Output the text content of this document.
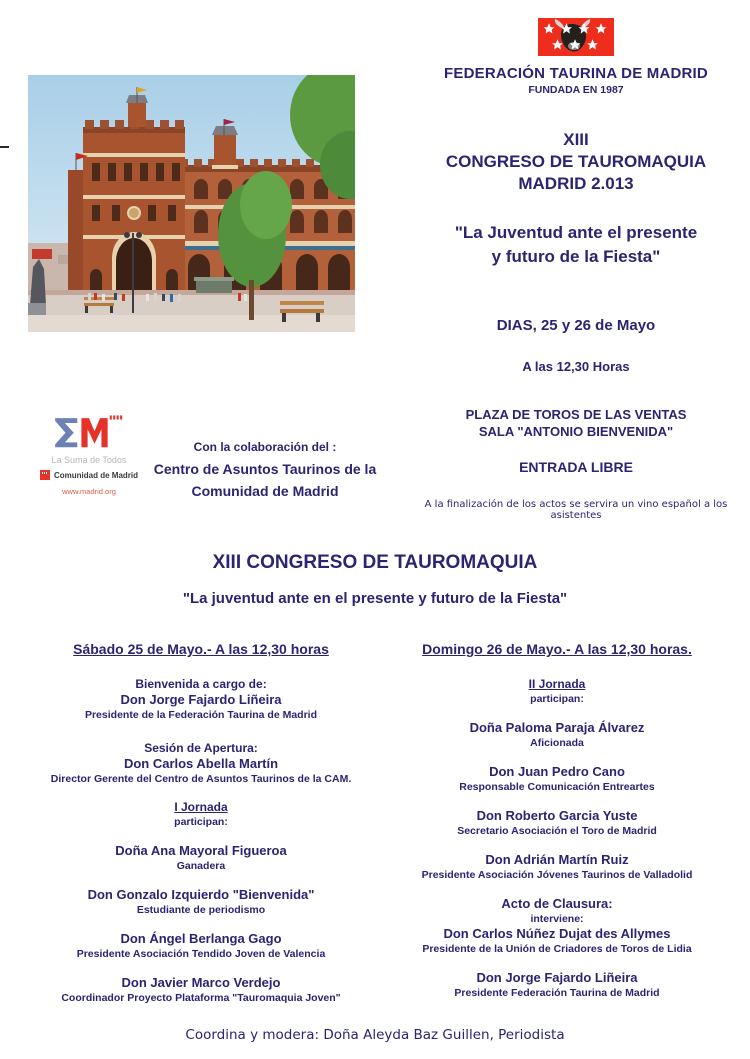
FEDERACIÓN TAURINA DE MADRID
FUNDADA EN 1987
XIII
CONGRESO DE TAUROMAQUIA
MADRID 2.013
"La Juventud ante el presente
y futuro de la Fiesta"
DIAS, 25 y 26 de Mayo
A las 12,30 Horas
PLAZA DE TOROS DE LAS VENTAS
SALA "ANTONIO BIENVENIDA"
ENTRADA LIBRE
A la finalización de los actos se servira un vino español a los asistentes
La Suma de Todos
Comunidad de Madrid
www.madrid.org
Con la colaboración del :
Centro de Asuntos Taurinos de la
Comunidad de Madrid
XIII CONGRESO DE TAUROMAQUIA
"La juventud ante en el presente y futuro de la Fiesta"
Sábado 25 de Mayo.- A las 12,30 horas
Bienvenida a cargo de:
Don Jorge Fajardo Liñeira
Presidente de la Federación Taurina de Madrid
Sesión de Apertura:
Don Carlos Abella Martín
Director Gerente del Centro de Asuntos Taurinos de la CAM.
I Jornada
participan:
Doña Ana Mayoral Figueroa
Ganadera
Don Gonzalo Izquierdo "Bienvenida"
Estudiante de periodismo
Don Ángel Berlanga Gago
Presidente Asociación Tendido Joven de Valencia
Don Javier Marco Verdejo
Coordinador Proyecto Plataforma "Tauromaquia Joven"
Domingo 26 de Mayo.- A las 12,30 horas.
II Jornada
participan:
Doña Paloma Paraja Álvarez
Aficionada
Don Juan Pedro Cano
Responsable Comunicación Entreartes
Don Roberto Garcia Yuste
Secretario Asociación el Toro de Madrid
Don Adrián Martín Ruiz
Presidente Asociación Jóvenes Taurinos de Valladolid
Acto de Clausura:
interviene:
Don Carlos Núñez Dujat des Allymes
Presidente de la Unión de Criadores de Toros de Lidia
Don Jorge Fajardo Liñeira
Presidente Federación Taurina de Madrid
Coordina y modera: Doña Aleyda Baz Guillen, Periodista
